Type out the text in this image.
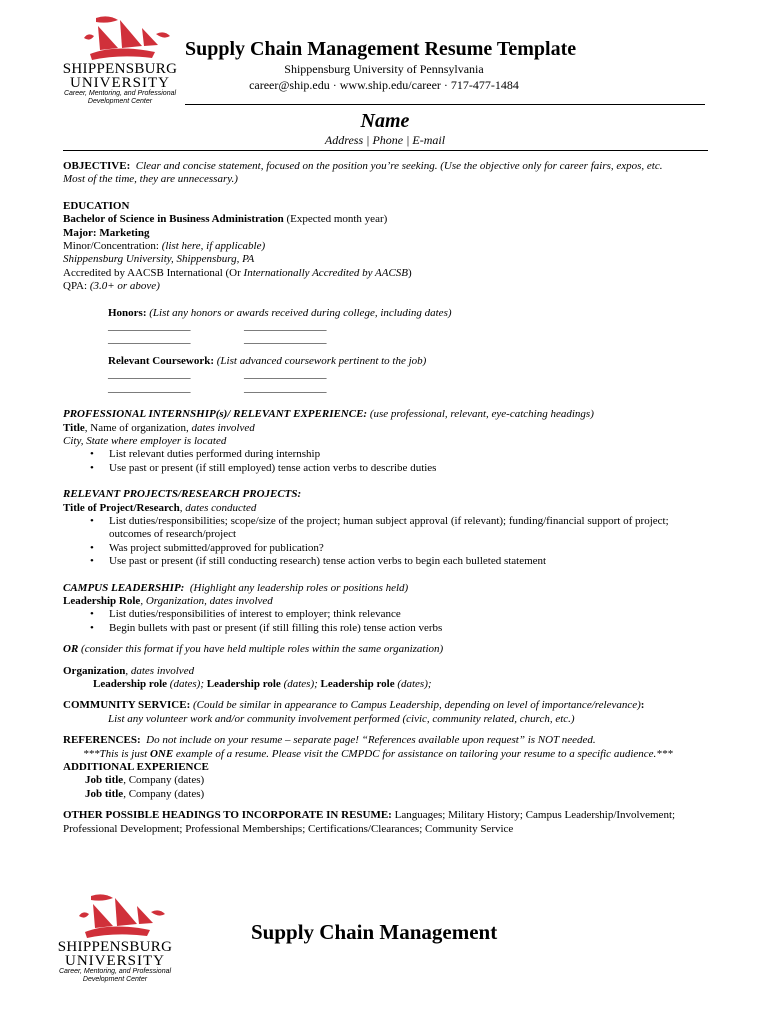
SHIPPENSBURG
UNIVERSITY
Career, Mentoring, and Professional
Development Center
Supply Chain Management Resume Template
Shippensburg University of Pennsylvania
career@ship.edu · www.ship.edu/career · 717-477-1484
Name
Address | Phone | E-mail

OBJECTIVE: Clear and concise statement, focused on the position you’re seeking. (Use the objective only for career fairs, expos, etc.

Most of the time, they are unnecessary.)

EDUCATION

Bachelor of Science in Business Administration (Expected month year)

Major: Marketing

Minor/Concentration: (list here, if applicable)

Shippensburg University, Shippensburg, PA

Accredited by AACSB International (Or Internationally Accredited by AACSB)

QPA: (3.0+ or above)

Honors: (List any honors or awards received during college, including dates)

_______________	_______________
_______________	_______________

Relevant Coursework: (List advanced coursework pertinent to the job)

_______________	_______________
_______________	_______________

PROFESSIONAL INTERNSHIP(s)/ RELEVANT EXPERIENCE: (use professional, relevant, eye-catching headings)

Title, Name of organization, dates involved

City, State where employer is located

• List relevant duties performed during internship
• Use past or present (if still employed) tense action verbs to describe duties

RELEVANT PROJECTS/RESEARCH PROJECTS:

Title of Project/Research, dates conducted

• List duties/responsibilities; scope/size of the project; human subject approval (if relevant); funding/financial support of project;
outcomes of research/project
• Was project submitted/approved for publication?
• Use past or present (if still conducting research) tense action verbs to begin each bulleted statement

CAMPUS LEADERSHIP: (Highlight any leadership roles or positions held)

Leadership Role, Organization, dates involved

• List duties/responsibilities of interest to employer; think relevance
• Begin bullets with past or present (if still filling this role) tense action verbs

OR (consider this format if you have held multiple roles within the same organization)

Organization, dates involved

Leadership role (dates); Leadership role (dates); Leadership role (dates);

COMMUNITY SERVICE: (Could be similar in appearance to Campus Leadership, depending on level of importance/relevance):

List any volunteer work and/or community involvement performed (civic, community related, church, etc.)

REFERENCES: Do not include on your resume – separate page! “References available upon request” is NOT needed.

***This is just ONE example of a resume. Please visit the CMPDC for assistance on tailoring your resume to a specific audience.***

ADDITIONAL EXPERIENCE

Job title, Company (dates)

Job title, Company (dates)

OTHER POSSIBLE HEADINGS TO INCORPORATE IN RESUME: Languages; Military History; Campus Leadership/Involvement;

Professional Development; Professional Memberships; Certifications/Clearances; Community Service

SHIPPENSBURG
UNIVERSITY
Career, Mentoring, and Professional
Development Center
Supply Chain Management
